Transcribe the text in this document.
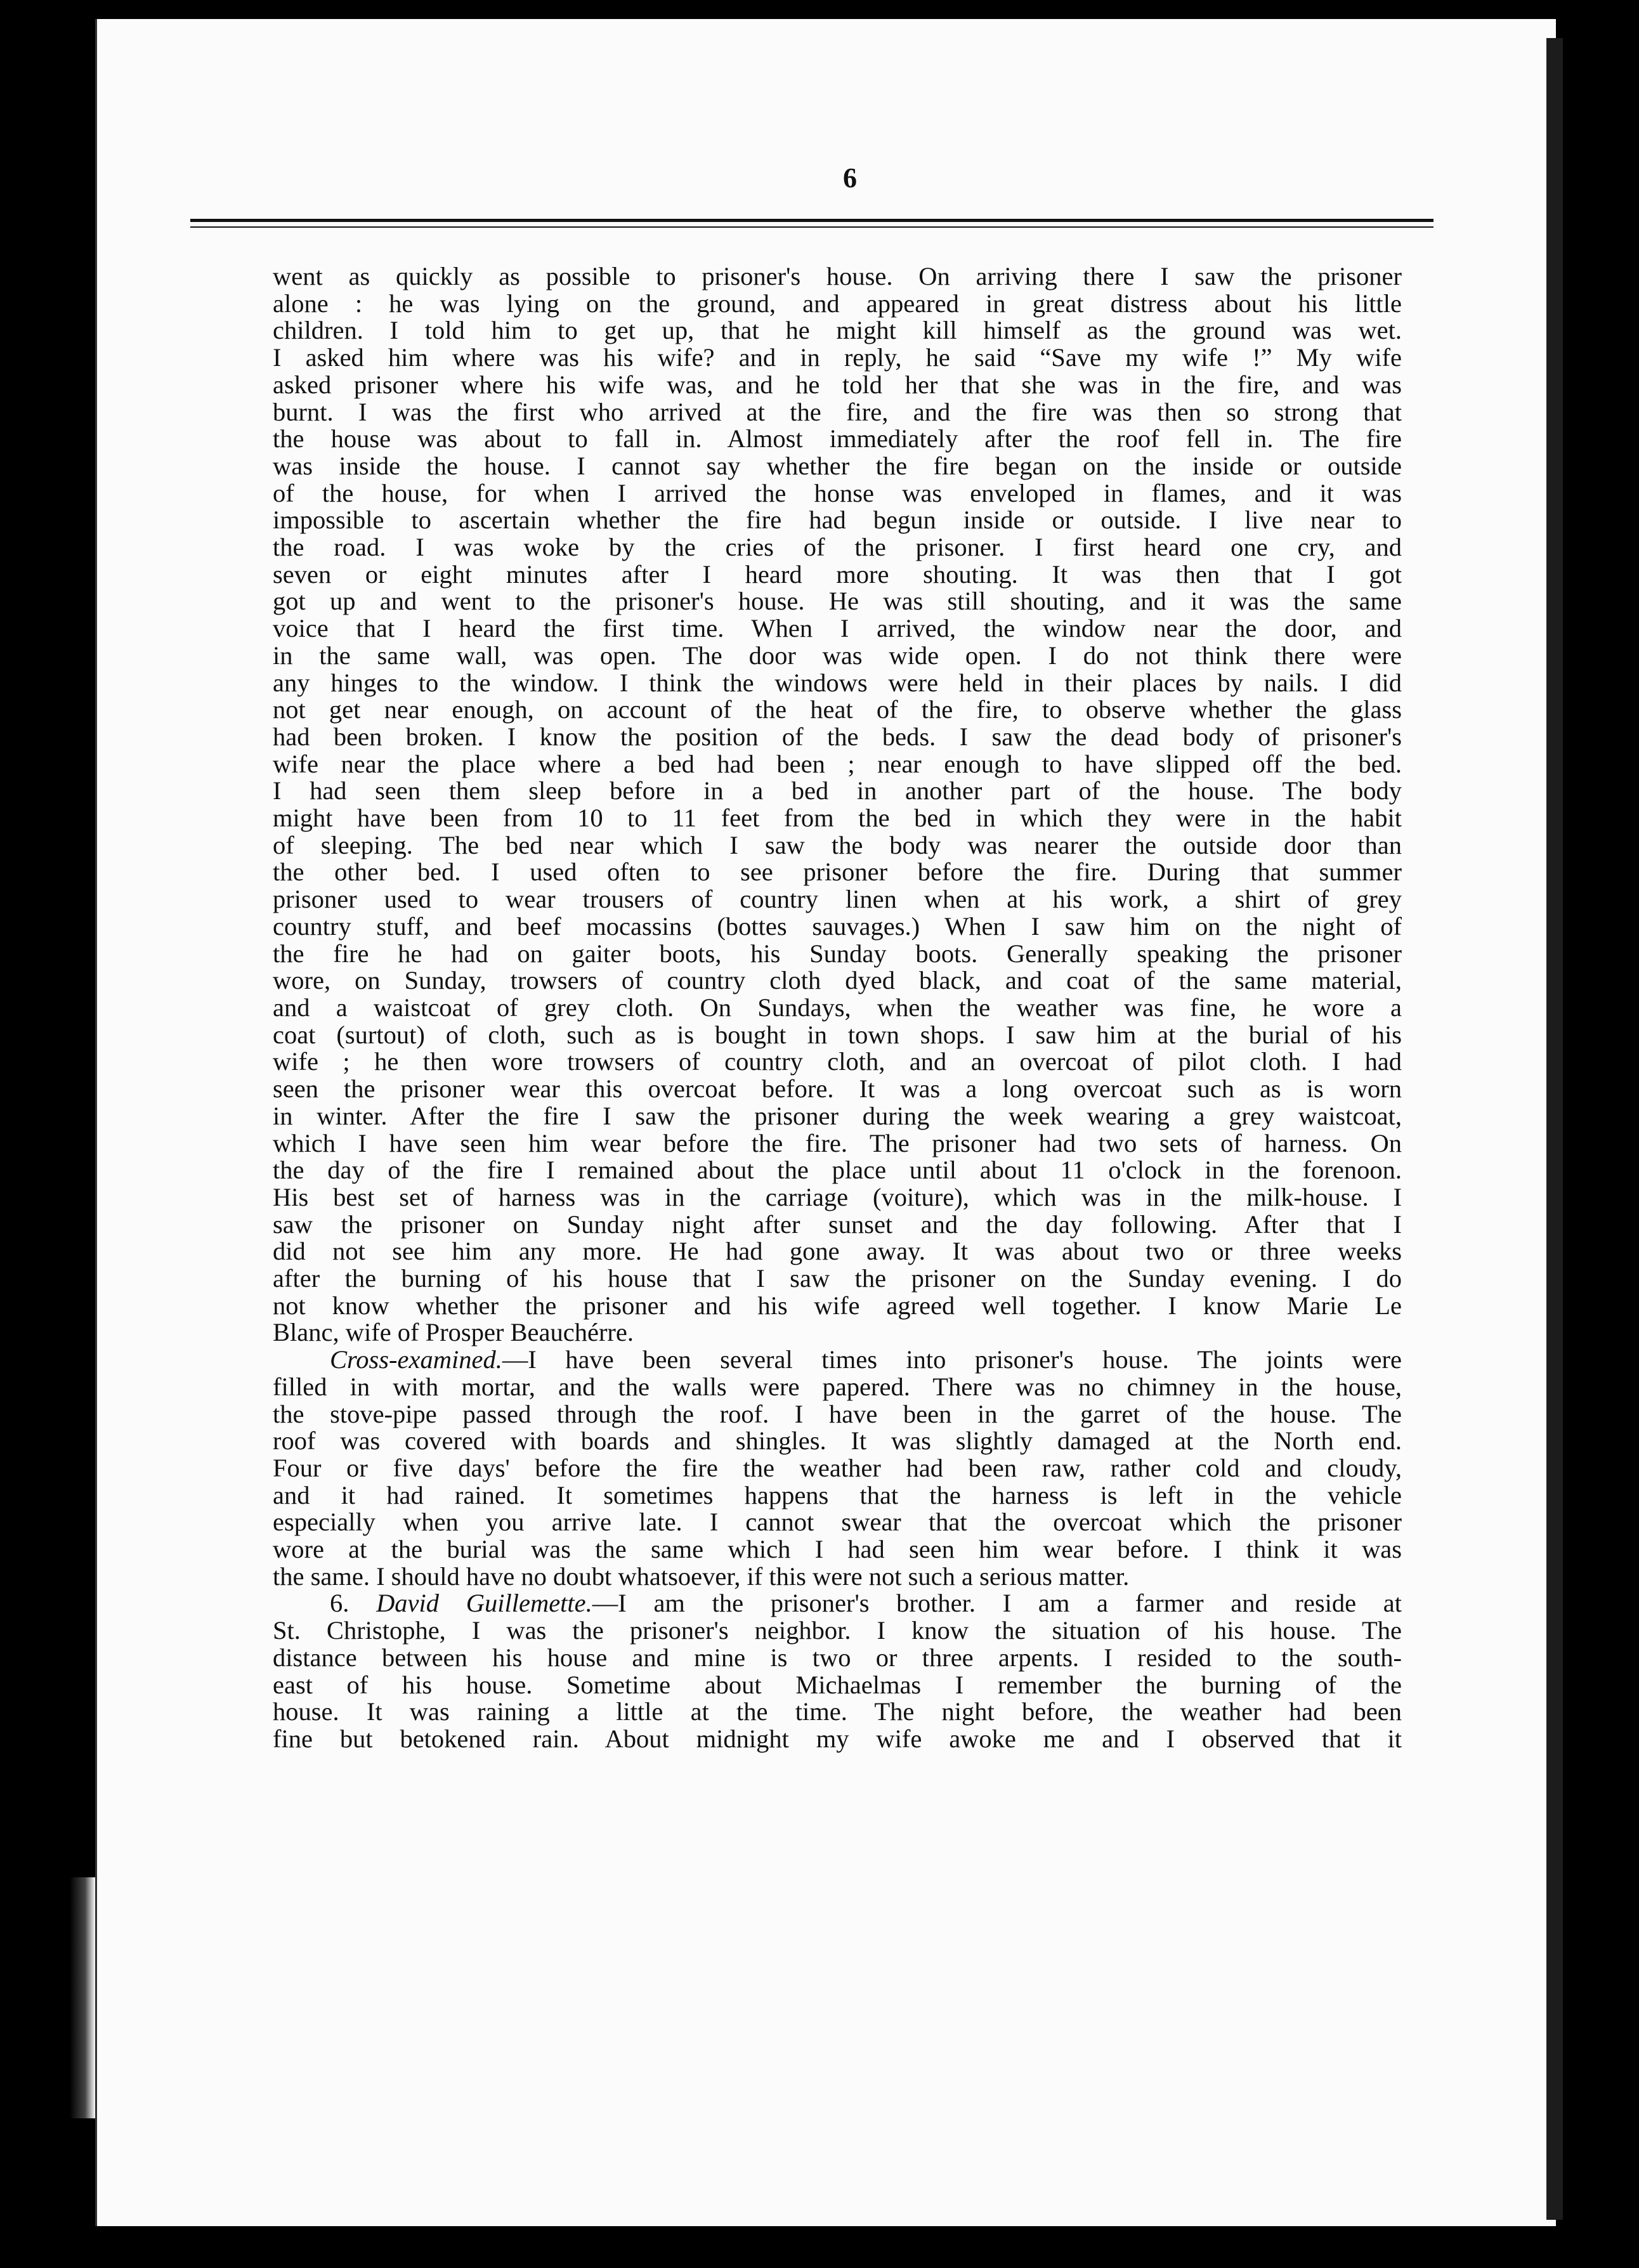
6
went as quickly as possible to prisoner's house. On arriving there I saw the prisoner
alone : he was lying on the ground, and appeared in great distress about his little
children. I told him to get up, that he might kill himself as the ground was wet.
I asked him where was his wife? and in reply, he said “Save my wife !” My wife
asked prisoner where his wife was, and he told her that she was in the fire, and was
burnt. I was the first who arrived at the fire, and the fire was then so strong that
the house was about to fall in. Almost immediately after the roof fell in. The fire
was inside the house. I cannot say whether the fire began on the inside or outside
of the house, for when I arrived the honse was enveloped in flames, and it was
impossible to ascertain whether the fire had begun inside or outside. I live near to
the road. I was woke by the cries of the prisoner. I first heard one cry, and
seven or eight minutes after I heard more shouting. It was then that I got
got up and went to the prisoner's house. He was still shouting, and it was the same
voice that I heard the first time. When I arrived, the window near the door, and
in the same wall, was open. The door was wide open. I do not think there were
any hinges to the window. I think the windows were held in their places by nails. I did
not get near enough, on account of the heat of the fire, to observe whether the glass
had been broken. I know the position of the beds. I saw the dead body of prisoner's
wife near the place where a bed had been ; near enough to have slipped off the bed.
I had seen them sleep before in a bed in another part of the house. The body
might have been from 10 to 11 feet from the bed in which they were in the habit
of sleeping. The bed near which I saw the body was nearer the outside door than
the other bed. I used often to see prisoner before the fire. During that summer
prisoner used to wear trousers of country linen when at his work, a shirt of grey
country stuff, and beef mocassins (bottes sauvages.) When I saw him on the night of
the fire he had on gaiter boots, his Sunday boots. Generally speaking the prisoner
wore, on Sunday, trowsers of country cloth dyed black, and coat of the same material,
and a waistcoat of grey cloth. On Sundays, when the weather was fine, he wore a
coat (surtout) of cloth, such as is bought in town shops. I saw him at the burial of his
wife ; he then wore trowsers of country cloth, and an overcoat of pilot cloth. I had
seen the prisoner wear this overcoat before. It was a long overcoat such as is worn
in winter. After the fire I saw the prisoner during the week wearing a grey waistcoat,
which I have seen him wear before the fire. The prisoner had two sets of harness. On
the day of the fire I remained about the place until about 11 o'clock in the forenoon.
His best set of harness was in the carriage (voiture), which was in the milk-house. I
saw the prisoner on Sunday night after sunset and the day following. After that I
did not see him any more. He had gone away. It was about two or three weeks
after the burning of his house that I saw the prisoner on the Sunday evening. I do
not know whether the prisoner and his wife agreed well together. I know Marie Le
Blanc, wife of Prosper Beauchérre.
Cross-examined.—I have been several times into prisoner's house. The joints were
filled in with mortar, and the walls were papered. There was no chimney in the house,
the stove-pipe passed through the roof. I have been in the garret of the house. The
roof was covered with boards and shingles. It was slightly damaged at the North end.
Four or five days' before the fire the weather had been raw, rather cold and cloudy,
and it had rained. It sometimes happens that the harness is left in the vehicle
especially when you arrive late. I cannot swear that the overcoat which the prisoner
wore at the burial was the same which I had seen him wear before. I think it was
the same. I should have no doubt whatsoever, if this were not such a serious matter.
6. David Guillemette.—I am the prisoner's brother. I am a farmer and reside at
St. Christophe, I was the prisoner's neighbor. I know the situation of his house. The
distance between his house and mine is two or three arpents. I resided to the south-
east of his house. Sometime about Michaelmas I remember the burning of the
house. It was raining a little at the time. The night before, the weather had been
fine but betokened rain. About midnight my wife awoke me and I observed that it
